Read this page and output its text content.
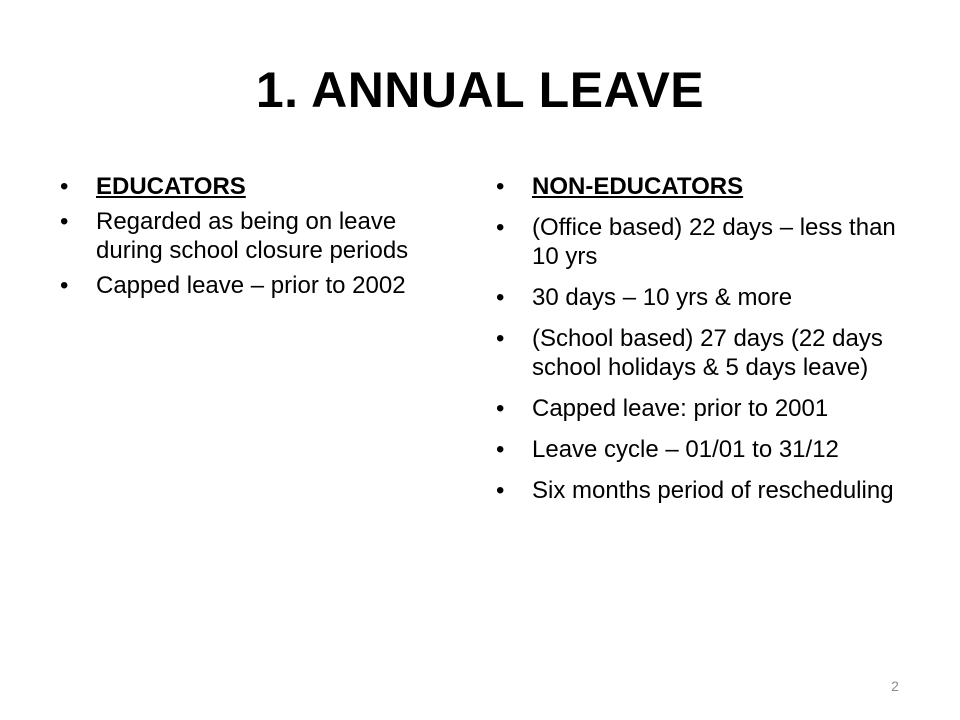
1. ANNUAL LEAVE
• EDUCATORS
• Regarded as being on leave during school closure periods
• Capped leave – prior to 2002
• NON-EDUCATORS
• (Office based) 22 days – less than 10 yrs
• 30 days – 10 yrs & more
• (School based) 27 days (22 days school holidays & 5 days leave)
• Capped leave: prior to 2001
• Leave cycle – 01/01 to 31/12
• Six months period of rescheduling
2
